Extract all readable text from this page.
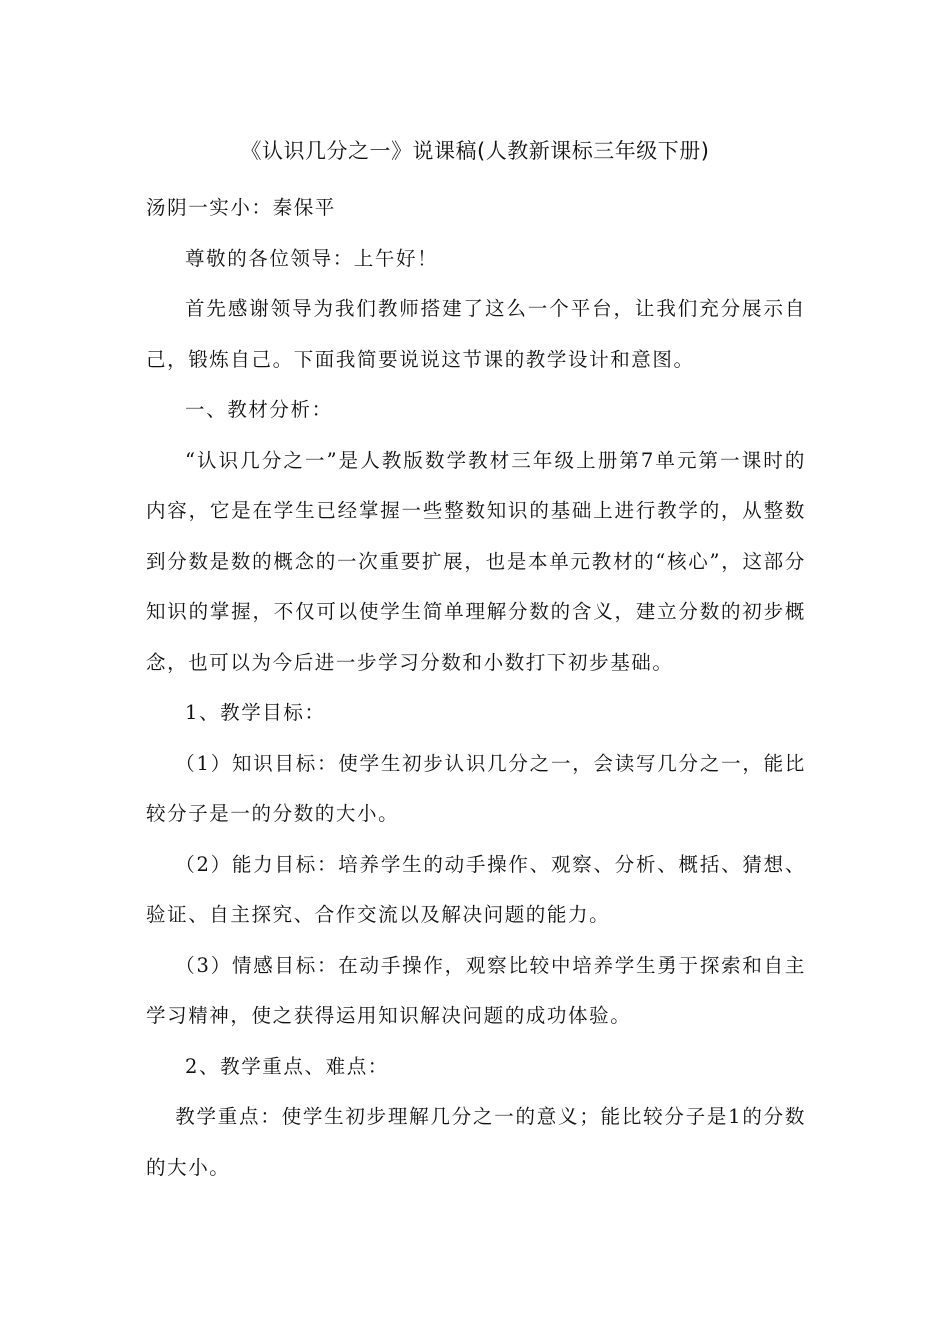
《认识几分之一》说课稿(人教新课标三年级下册)

汤阴一实小：秦保平

尊敬的各位领导：上午好！

首先感谢领导为我们教师搭建了这么一个平台，让我们充分展示自己，锻炼自己。下面我简要说说这节课的教学设计和意图。

一、教材分析：

“认识几分之一”是人教版数学教材三年级上册第7单元第一课时的内容，它是在学生已经掌握一些整数知识的基础上进行教学的，从整数到分数是数的概念的一次重要扩展，也是本单元教材的“核心”，这部分知识的掌握，不仅可以使学生简单理解分数的含义，建立分数的初步概念，也可以为今后进一步学习分数和小数打下初步基础。

1、教学目标：

（1）知识目标：使学生初步认识几分之一，会读写几分之一，能比较分子是一的分数的大小。

（2）能力目标：培养学生的动手操作、观察、分析、概括、猜想、验证、自主探究、合作交流以及解决问题的能力。

（3）情感目标：在动手操作，观察比较中培养学生勇于探索和自主学习精神，使之获得运用知识解决问题的成功体验。

2、教学重点、难点：

教学重点：使学生初步理解几分之一的意义；能比较分子是1的分数的大小。
